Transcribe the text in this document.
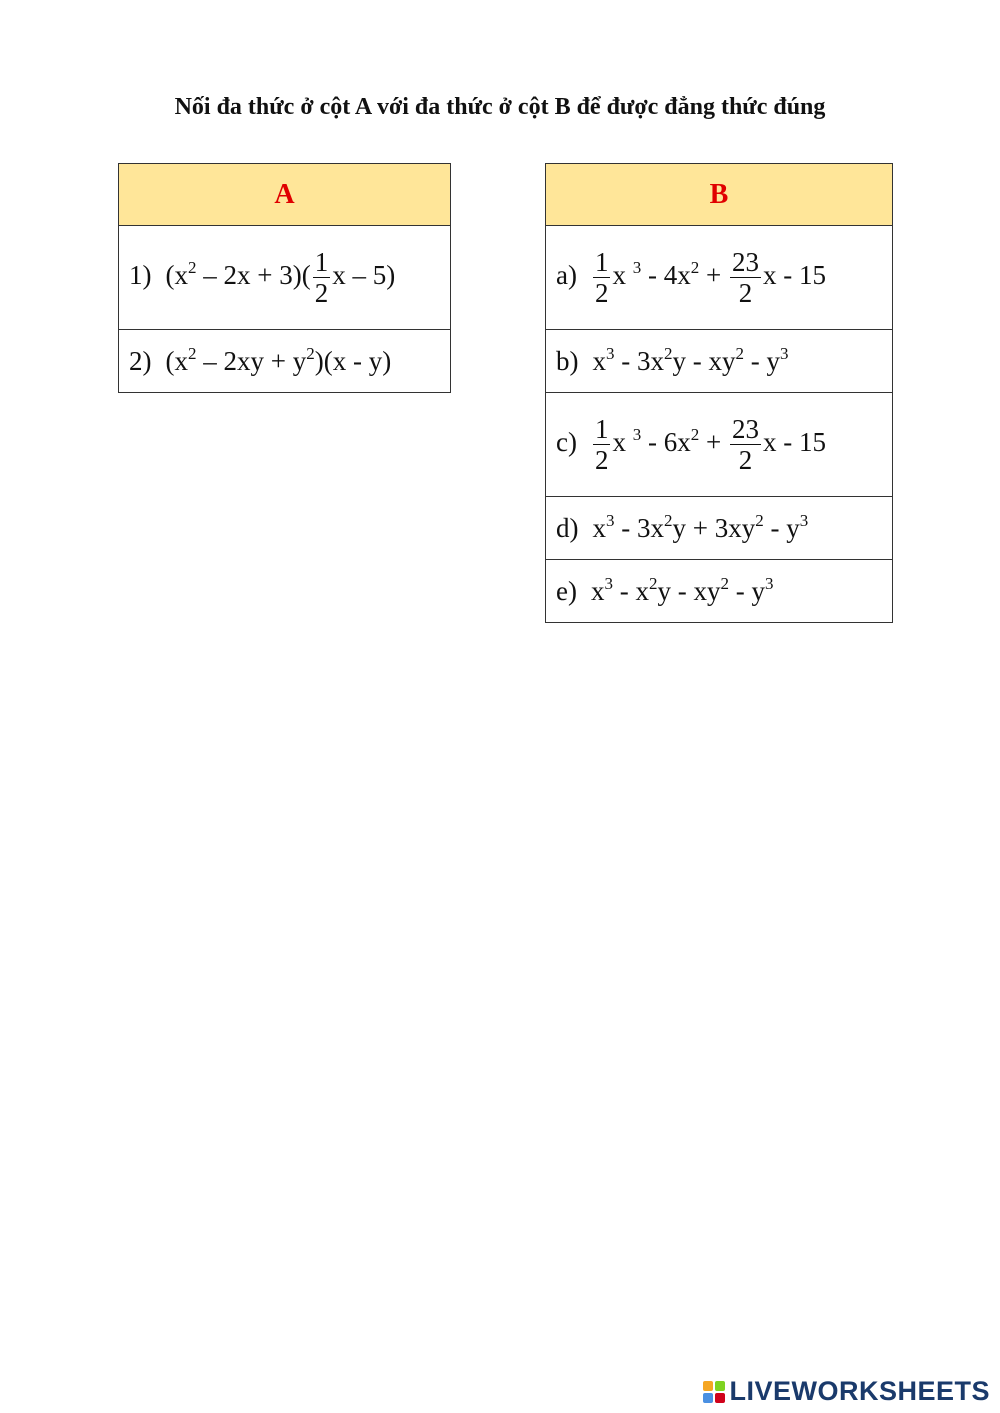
Nối đa thức ở cột A với đa thức ở cột B để được đẳng thức đúng
A
1) $(x^2 - 2x + 3)( \frac{1}{2}$ x – 5)
2) $(x^2 - 2xy + y^2)(x - y)$
B
$a) \frac{1}{2}$ x $^3 - 4x^2 + \frac{23}{2}$ x - 15
b) $x^3 - 3x^2y - xy^2 - y^3$
$c) \frac{1}{2}$ x $^3 - 6x^2 + \frac{23}{2}$ x - 15
d) $x^3 - 3x^2y + 3xy^2 - y^3$
e) $x^3 - x^2y - xy^2 - y^3$
LIVEWORKSHEETS
